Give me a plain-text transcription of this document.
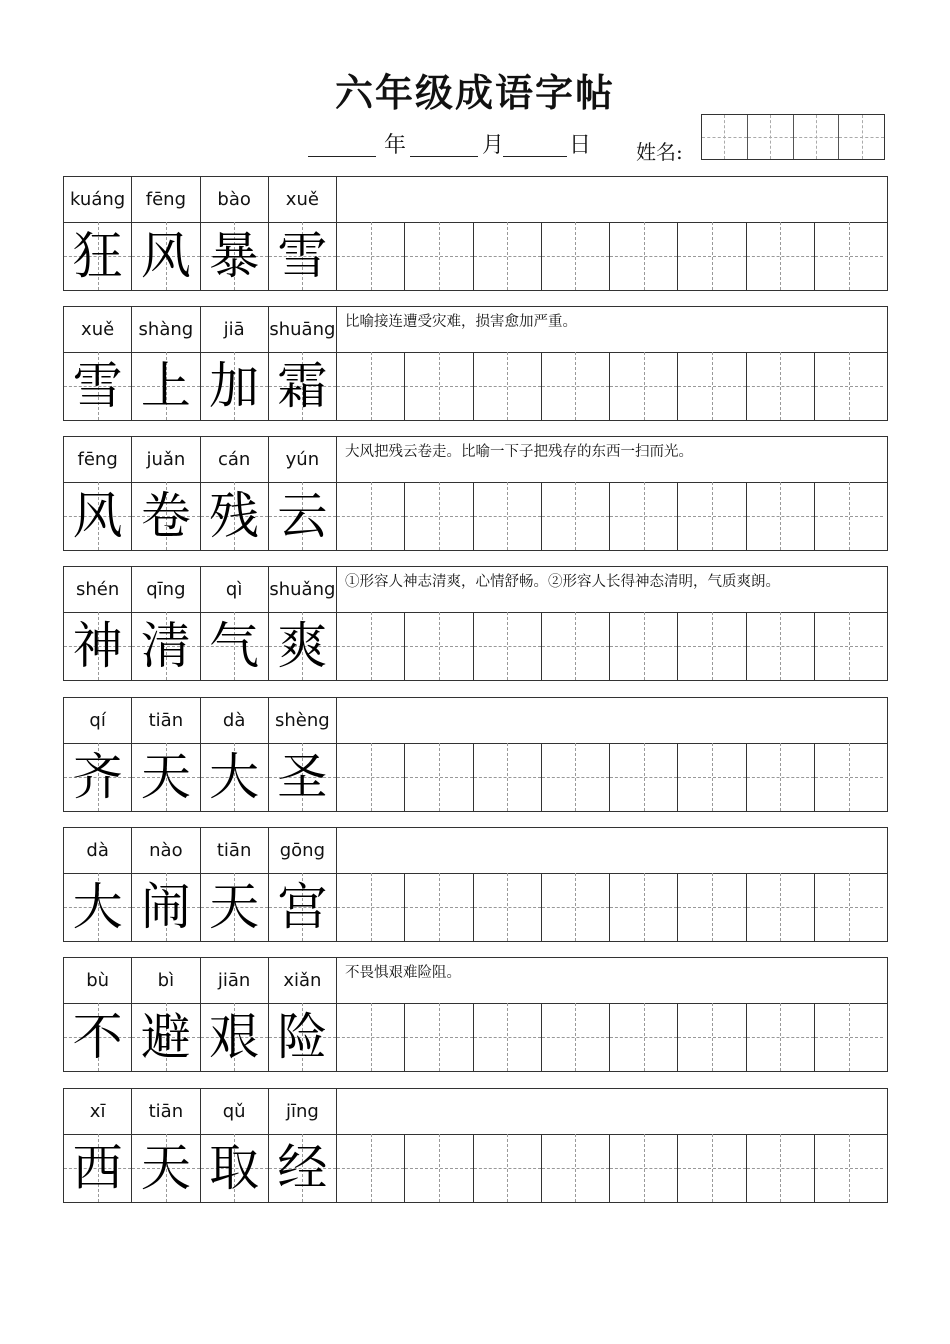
六年级成语字帖
年	月	日 姓名:
kuáng	fēng	bào	xuě
狂 风 暴 雪
xuě	shàng	jiā	shuāng 比喻接连遭受灾难，损害愈加严重。
雪 上 加 霜
fēng	juǎn	cán	yún	大风把残云卷走。比喻一下子把残存的东西一扫而光。
风 卷 残 云
shén	qīng	qì	shuǎng ①形容人神志清爽，心情舒畅。②形容人长得神态清明，气质爽朗。
神 清 气 爽
qí	tiān	dà	shèng
齐 天 大 圣
dà	nào	tiān	gōng
大 闹 天 宫
bù	bì	jiān	xiǎn	不畏惧艰难险阻。
不 避 艰 险
xī	tiān	qǔ	jīng
西 天 取 经
